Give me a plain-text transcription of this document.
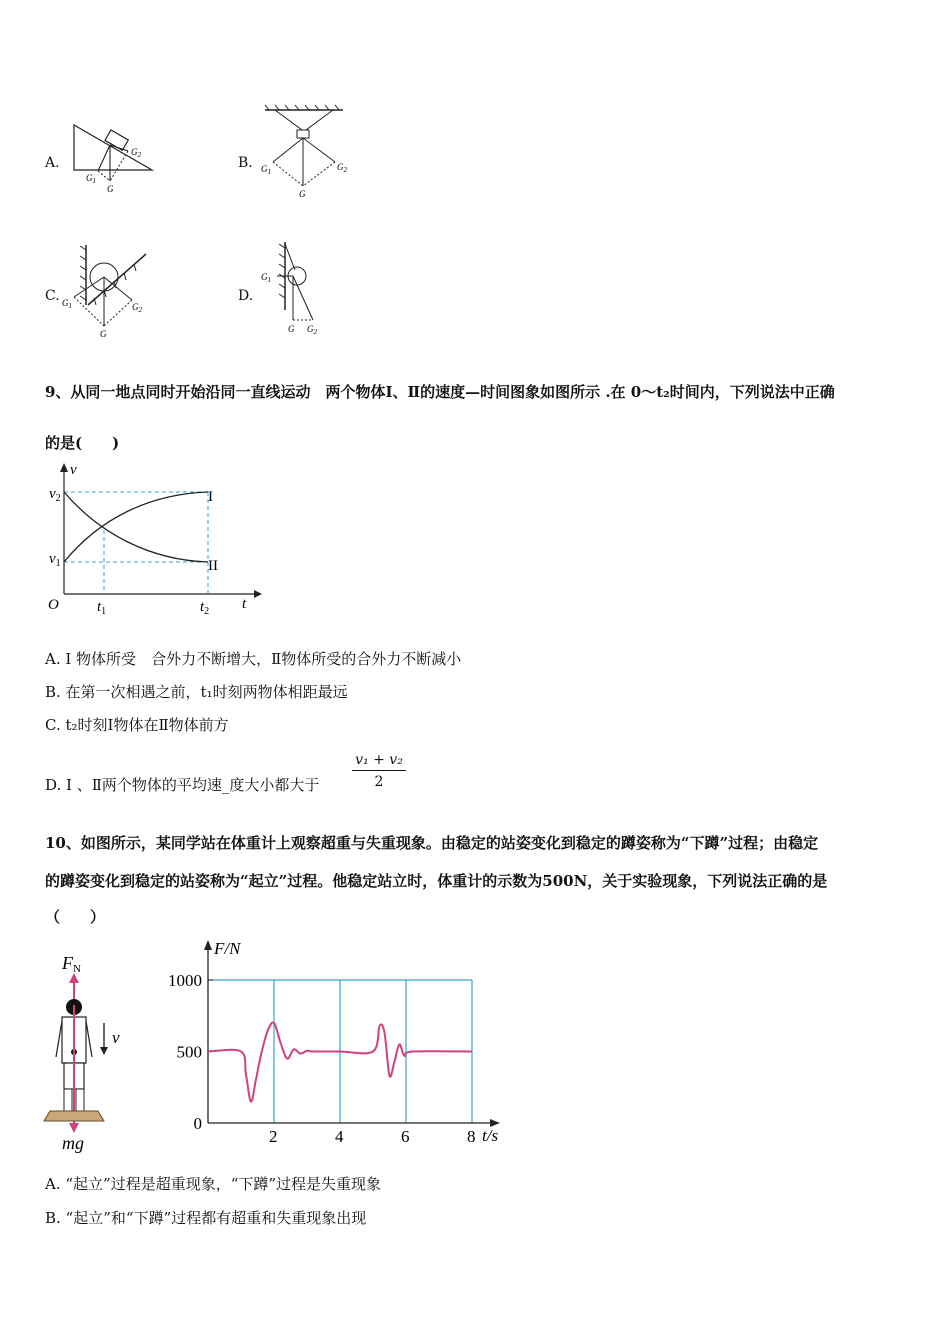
A.	B.
C.	D.
$G_2$
$G_1$
G
$G_1$	$G_2$
G
$G_1$	$G_2$
G
$G_1$
G $G_2$
9、从同一地点同时开始沿同一直线运动　两个物体Ⅰ、Ⅱ的速度—时间图象如图所示 .在 0～t₂时间内，下列说法中正确
的是(　　)
v
t
O
$v_2$
$v_1$
$t_1$	$t_2$
I
II
A. Ⅰ 物体所受　合外力不断增大，Ⅱ物体所受的合外力不断减小
B. 在第一次相遇之前，t₁时刻两物体相距最远
C. t₂时刻Ⅰ物体在Ⅱ物体前方
D. Ⅰ 、Ⅱ两个物体的平均速_度大小都大于 $\frac{\text{v₁ + v₂}}{2}$
10、如图所示，某同学站在体重计上观察超重与失重现象。由稳定的站姿变化到稳定的蹲姿称为“下蹲”过程；由稳定
的蹲姿变化到稳定的站姿称为“起立”过程。他稳定站立时，体重计的示数为500N，关于实验现象，下列说法正确的是
（　　）
FN
mg
v
F/N
t/s
2	4	6	8
0
500
1000
A. “起立”过程是超重现象，“下蹲”过程是失重现象
B. “起立”和“下蹲”过程都有超重和失重现象出现
